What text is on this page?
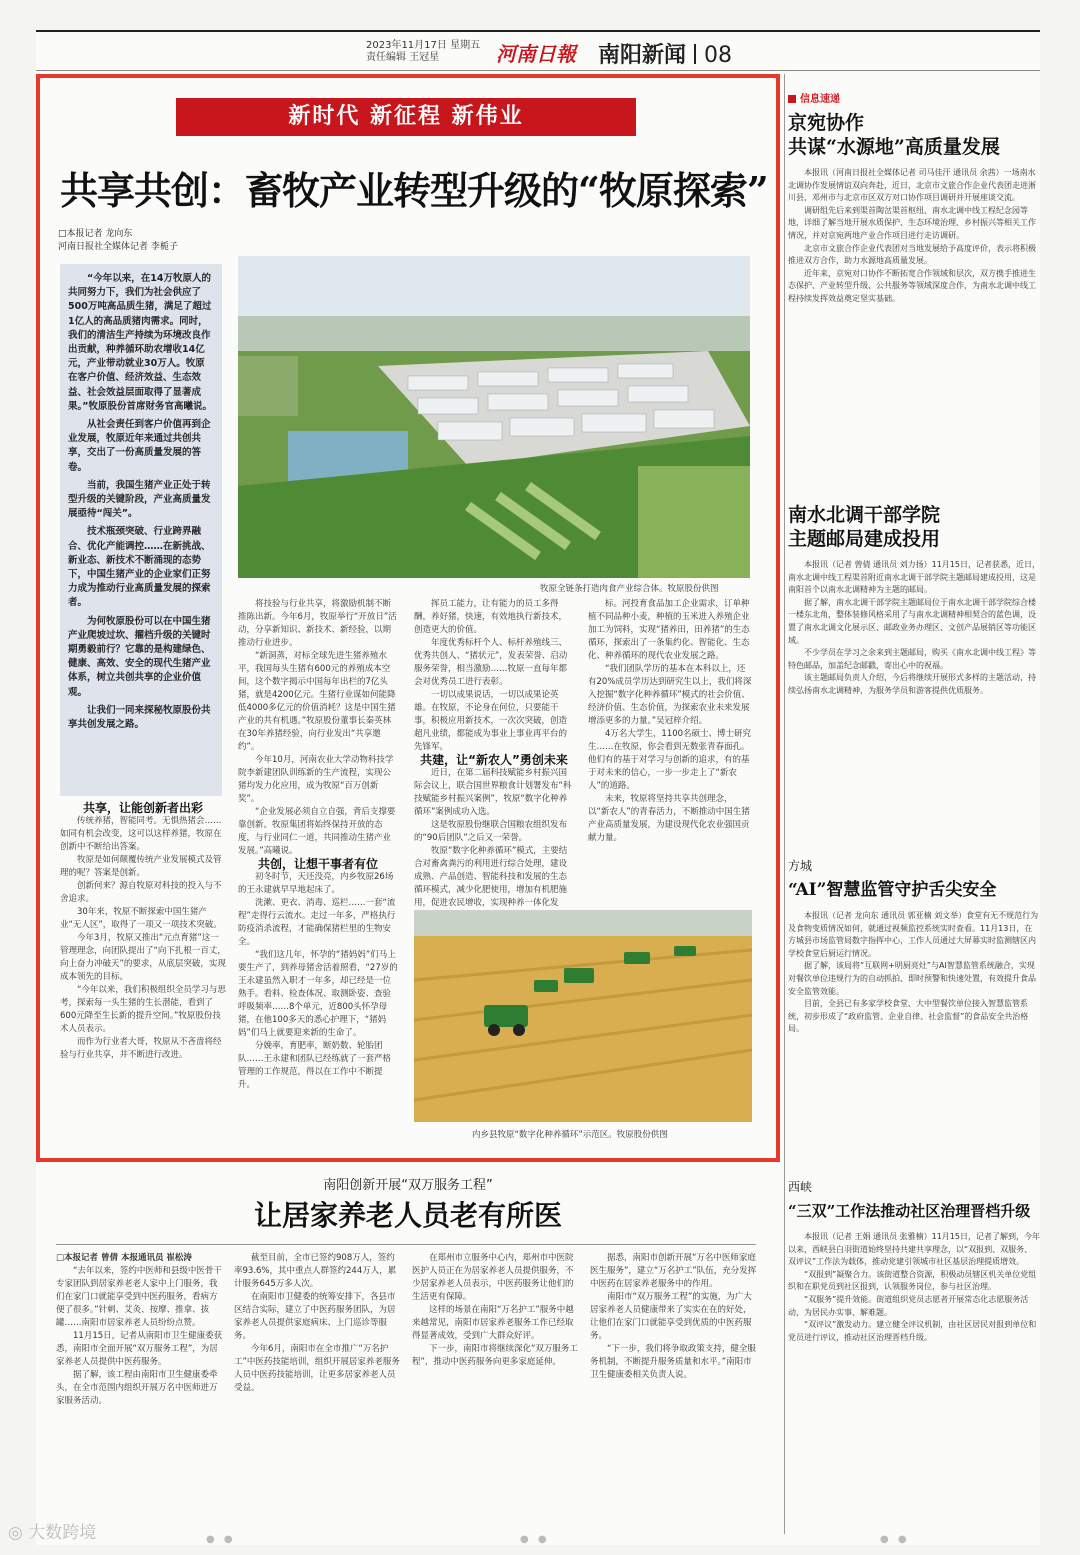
2023年11月17日 星期五
责任编辑 王冠星	河南日報 南阳新闻 08
新时代 新征程 新伟业
共享共创：畜牧产业转型升级的“牧原探索”
□本报记者 龙向东
河南日报社全媒体记者 李栀子

“今年以来，在14万牧原人的共同努力下，我们为社会供应了500万吨高品质生猪，满足了超过1亿人的高品质猪肉需求。同时，我们的清洁生产持续为环境改良作出贡献，种养循环助农增收14亿元，产业带动就业30万人。牧原在客户价值、经济效益、生态效益、社会效益层面取得了显著成果。”牧原股份首席财务官高曦说。

从社会责任到客户价值再到企业发展，牧原近年来通过共创共享，交出了一份高质量发展的答卷。

当前，我国生猪产业正处于转型升级的关键阶段，产业高质量发展亟待“闯关”。

技术瓶颈突破、行业跨界融合、优化产能调控……在新挑战、新业态、新技术不断涌现的态势下，中国生猪产业的企业家们正努力成为推动行业高质量发展的探索者。

为何牧原股份可以在中国生猪产业爬坡过坎、擢档升级的关键时期勇毅前行？它靠的是构建绿色、健康、高效、安全的现代生猪产业体系，树立共创共享的企业价值观。

让我们一同来探秘牧原股份共享共创发展之路。

牧原全链条打造肉食产业综合体。牧原股份供图

共享，让能创新者出彩

传统养猪，智能同考。无惧热猪会……如同有机会改变，这可以这样养猪，牧原在创新中不断给出答案。

牧原是如何颠覆传统产业发展模式及管理的呢？答案是创新。

创新何来？源自牧原对科技的投入与不舍追求。

30年来，牧原不断探索中国生猪产业“无人区”，取得了一项又一项技术突破。

今年3月，牧原又推出“元点育猪”这一管理理念，向团队提出了“向下扎根一百丈，向上奋力冲破天”的要求，从底层突破，实现成本领先的目标。

“今年以来，我们积极组织全员学习与思考，探索每一头生猪的生长潜能，看到了600元降至生长新的提升空间。”牧原股份技术人员表示。

而作为行业者大哥，牧原从不吝啬将经验与行业共享，并不断进行改进。

将技验与行业共享，将激励机制不断推陈出新。今年6月，牧原举行“开放日”活动，分享新知识、新技术、新经验，以期推动行业进步。

“新洞蒸，对标全球先进生猪养殖水平，我国每头生猪有600元的养殖成本空间，这个数字揭示中国每年出栏的7亿头猪，就是4200亿元。生猪行业谋如何能降低4000多亿元的价值消耗？这是中国生猪产业的共有机遇。”牧原股份董事长秦英林在30年养猪经验，向行业发出“共享邀约”。

今年10月，河南农业大学动物科技学院李新建团队训练新的生产流程，实现公猪均发力化应用，成为牧原“百万创新奖”。

“企业发展必须自立自强，背后支撑要靠创新。牧原集团将始终保持开放的态度，与行业同仁一道，共同推动生猪产业发展。”高曦说。

共创，让想干事者有位

初冬时节，天还没亮，内乡牧原26场的王永建就早早地起床了。

洗漱、更衣、消毒、巡栏……一套“流程”走得行云流水。走过一年多，严格执行防疫消杀流程，才能确保猪栏里的生物安全。

“我们这几年，怀孕的“猪妈妈”们马上要生产了，到养母猪舍活着照看，“27岁的王永建虽然入职才一年多，却已经是一位熟手。看料、检查体况、取测卧姿、查验呼吸频率……8个单元，近800头怀孕母猪，在他100多天的悉心护理下，“猪妈妈”们马上就要迎来新的生命了。

分娩率，育肥率，断奶数、轮胎团队……王永建和团队已经练就了一套严格管理的工作规范，得以在工作中不断提升。

挥员工能力，让有能力的员工多得酬，养好猪，快速，有效地执行新技术，创造更大的价值。

年度优秀标杆个人、标杆养殖线三、优秀共创人、“猪状元”，发表荣誉、启动服务荣誉，相当激励……牧原一直每年都会对优秀员工进行表彰。

一切以成果说话，一切以成果论英雄。在牧原，不论身在何位，只要能干事，积极应用新技术，一次次突破，创造超凡业绩，都能成为事业上事业再平台的先锋军。

共建，让“新农人”勇创未来

近日，在第二届科技赋能乡村振兴国际会议上，联合国世界粮食计划署发布“科技赋能乡村振兴案例”，牧原“数字化种养循环”案例成功入选。

这是牧原股份继联合国粮农组织发布的“90后团队”之后又一荣誉。

牧原“数字化种养循环”模式，主要结合对畜禽粪污的利用进行综合处理，建设成熟、产品创造、智能科技和发展的生态循环模式，减少化肥使用，增加有机肥施用，促进农民增收，实现种养一体化发

标。河投育食品加工企业需求，订单种植不同品种小麦，种植的玉米进入养殖企业加工为饲料，实现“猪养田，田养猪”的生态循环，探索出了一条集约化、智能化、生态化、种养循环的现代农业发展之路。

“我们团队学历的基本在本科以上，还有20%成员学历达到研究生以上，我们将深入挖掘“数字化种养循环”模式的社会价值、经济价值、生态价值，为探索农业未来发展增添更多的力量。”吴冠梓介绍。

4万名大学生，1100名硕士、博士研究生……在牧原，你会看到无数张青春面孔。他们有的基于对学习与创新的追求，有的基于对未来的信心，一步一步走上了“新农人”的道路。

未来，牧原将坚持共享共创理念，以“新农人”的青春活力，不断推动中国生猪产业高质量发展，为建设现代化农业强国贡献力量。

内乡县牧原“数字化种养循环”示范区。牧原股份供图
信息速递
京宛协作
共谋“水源地”高质量发展

本报讯（河南日报社全媒体记者 司马佳汗 通讯员 余茜）一场南水北调协作发展情谊双向奔赴，近日，北京市文旅合作企业代表团走进淅川县，邓州市与北京市区双方对口协作项目调研并开展座谈交流。

调研组先后来到渠首陶岔渠首枢纽、南水北调中线工程纪念园等地，详细了解当地开展水质保护、生态环境治理、乡村振兴等相关工作情况，并对京宛两地产业合作项目进行走访调研。

北京市文旅合作企业代表团对当地发展给予高度评价，表示将积极推进双方合作，助力水源地高质量发展。

近年来，京宛对口协作不断拓宽合作领域和层次，双方携手推进生态保护、产业转型升级、公共服务等领域深度合作，为南水北调中线工程持续发挥效益奠定坚实基础。

南水北调干部学院
主题邮局建成投用

本报讯（记者 曾倩 通讯员 刘力扬）11月15日，记者获悉，近日，南水北调中线工程渠首附近南水北调干部学院主题邮局建成投用，这是南阳首个以南水北调精神为主题的邮局。

据了解，南水北调干部学院主题邮局位于南水北调干部学院综合楼一楼东北角，整体装修风格采用了与南水北调精神相契合的蓝色调，设置了南水北调文化展示区、邮政业务办理区、文创产品展销区等功能区域。

不少学员在学习之余来到主题邮局，购买《南水北调中线工程》等特色邮品，加盖纪念邮戳，寄出心中的祝福。

该主题邮局负责人介绍，今后将继续开展形式多样的主题活动，持续弘扬南水北调精神，为服务学员和游客提供优质服务。

方城
“AI”智慧监管守护舌尖安全

本报讯（记者 龙向东 通讯员 郭亚楠 刘文举）食堂有无不规范行为及食物变质情况如何，就通过视频监控系统实时查看。11月13日，在方城县市场监管局数字指挥中心，工作人员通过大屏幕实时监测辖区内学校食堂后厨运行情况。

据了解，该局将“互联网+明厨亮灶”与AI智慧监管系统融合，实现对餐饮单位违规行为的自动抓拍、即时预警和快速处置，有效提升食品安全监管效能。

目前，全县已有多家学校食堂、大中型餐饮单位接入智慧监管系统，初步形成了“政府监管、企业自律、社会监督”的食品安全共治格局。

西峡
“三双”工作法推动社区治理晋档升级

本报讯（记者 王娟 通讯员 张雅楠）11月15日，记者了解到，今年以来，西峡县白羽街道始终坚持共建共享理念，以“双报到、双服务、双评议”工作法为载体，推动党建引领城市社区基层治理提质增效。

“双报到”凝聚合力。该街道整合资源，积极动员辖区机关单位党组织和在职党员到社区报到，认领服务岗位，参与社区治理。

“双服务”提升效能。街道组织党员志愿者开展常态化志愿服务活动，为居民办实事、解难题。

“双评议”激发动力。建立健全评议机制，由社区居民对报到单位和党员进行评议，推动社区治理晋档升级。

南阳创新开展“双万服务工程”
让居家养老人员老有所医

□本报记者 曾倩 本报通讯员 崔松涛

“去年以来，签约中医师和县级中医骨干专家团队到居家养老老人家中上门服务，我们在家门口就能享受到中医药服务，看病方便了很多。”针刺、艾灸、按摩、推拿、拔罐……南阳市居家养老人员纷纷点赞。

11月15日，记者从南阳市卫生健康委获悉，南阳市全面开展“双万服务工程”，为居家养老人员提供中医药服务。

据了解，该工程由南阳市卫生健康委牵头，在全市范围内组织开展万名中医师进万家服务活动。

截至目前，全市已签约908万人，签约率93.6%，其中重点人群签约244万人，累计服务645万多人次。

在南阳市卫健委的统筹安排下，各县市区结合实际，建立了中医药服务团队，为居家养老人员提供家庭病床、上门巡诊等服务。

今年6月，南阳市在全市推广“万名护工”中医药技能培训，组织开展居家养老服务人员中医药技能培训，让更多居家养老人员受益。

在郑州市立服务中心内，郑州市中医院医护人员正在为居家养老人员提供服务，不少居家养老人员表示，中医药服务让他们的生活更有保障。

这样的场景在南阳“万名护工”服务中越来越常见，南阳市居家养老服务工作已经取得显著成效，受到广大群众好评。

下一步，南阳市将继续深化“双万服务工程”，推动中医药服务向更多家庭延伸。

据悉，南阳市创新开展“万名中医师家庭医生服务”，建立“万名护工”队伍，充分发挥中医药在居家养老服务中的作用。

南阳市“双万服务工程”的实施，为广大居家养老人员健康带来了实实在在的好处，让他们在家门口就能享受到优质的中医药服务。

“下一步，我们将争取政策支持，健全服务机制，不断提升服务质量和水平。”南阳市卫生健康委相关负责人说。

◎ 大数跨境	● ●	● ●	● ●
